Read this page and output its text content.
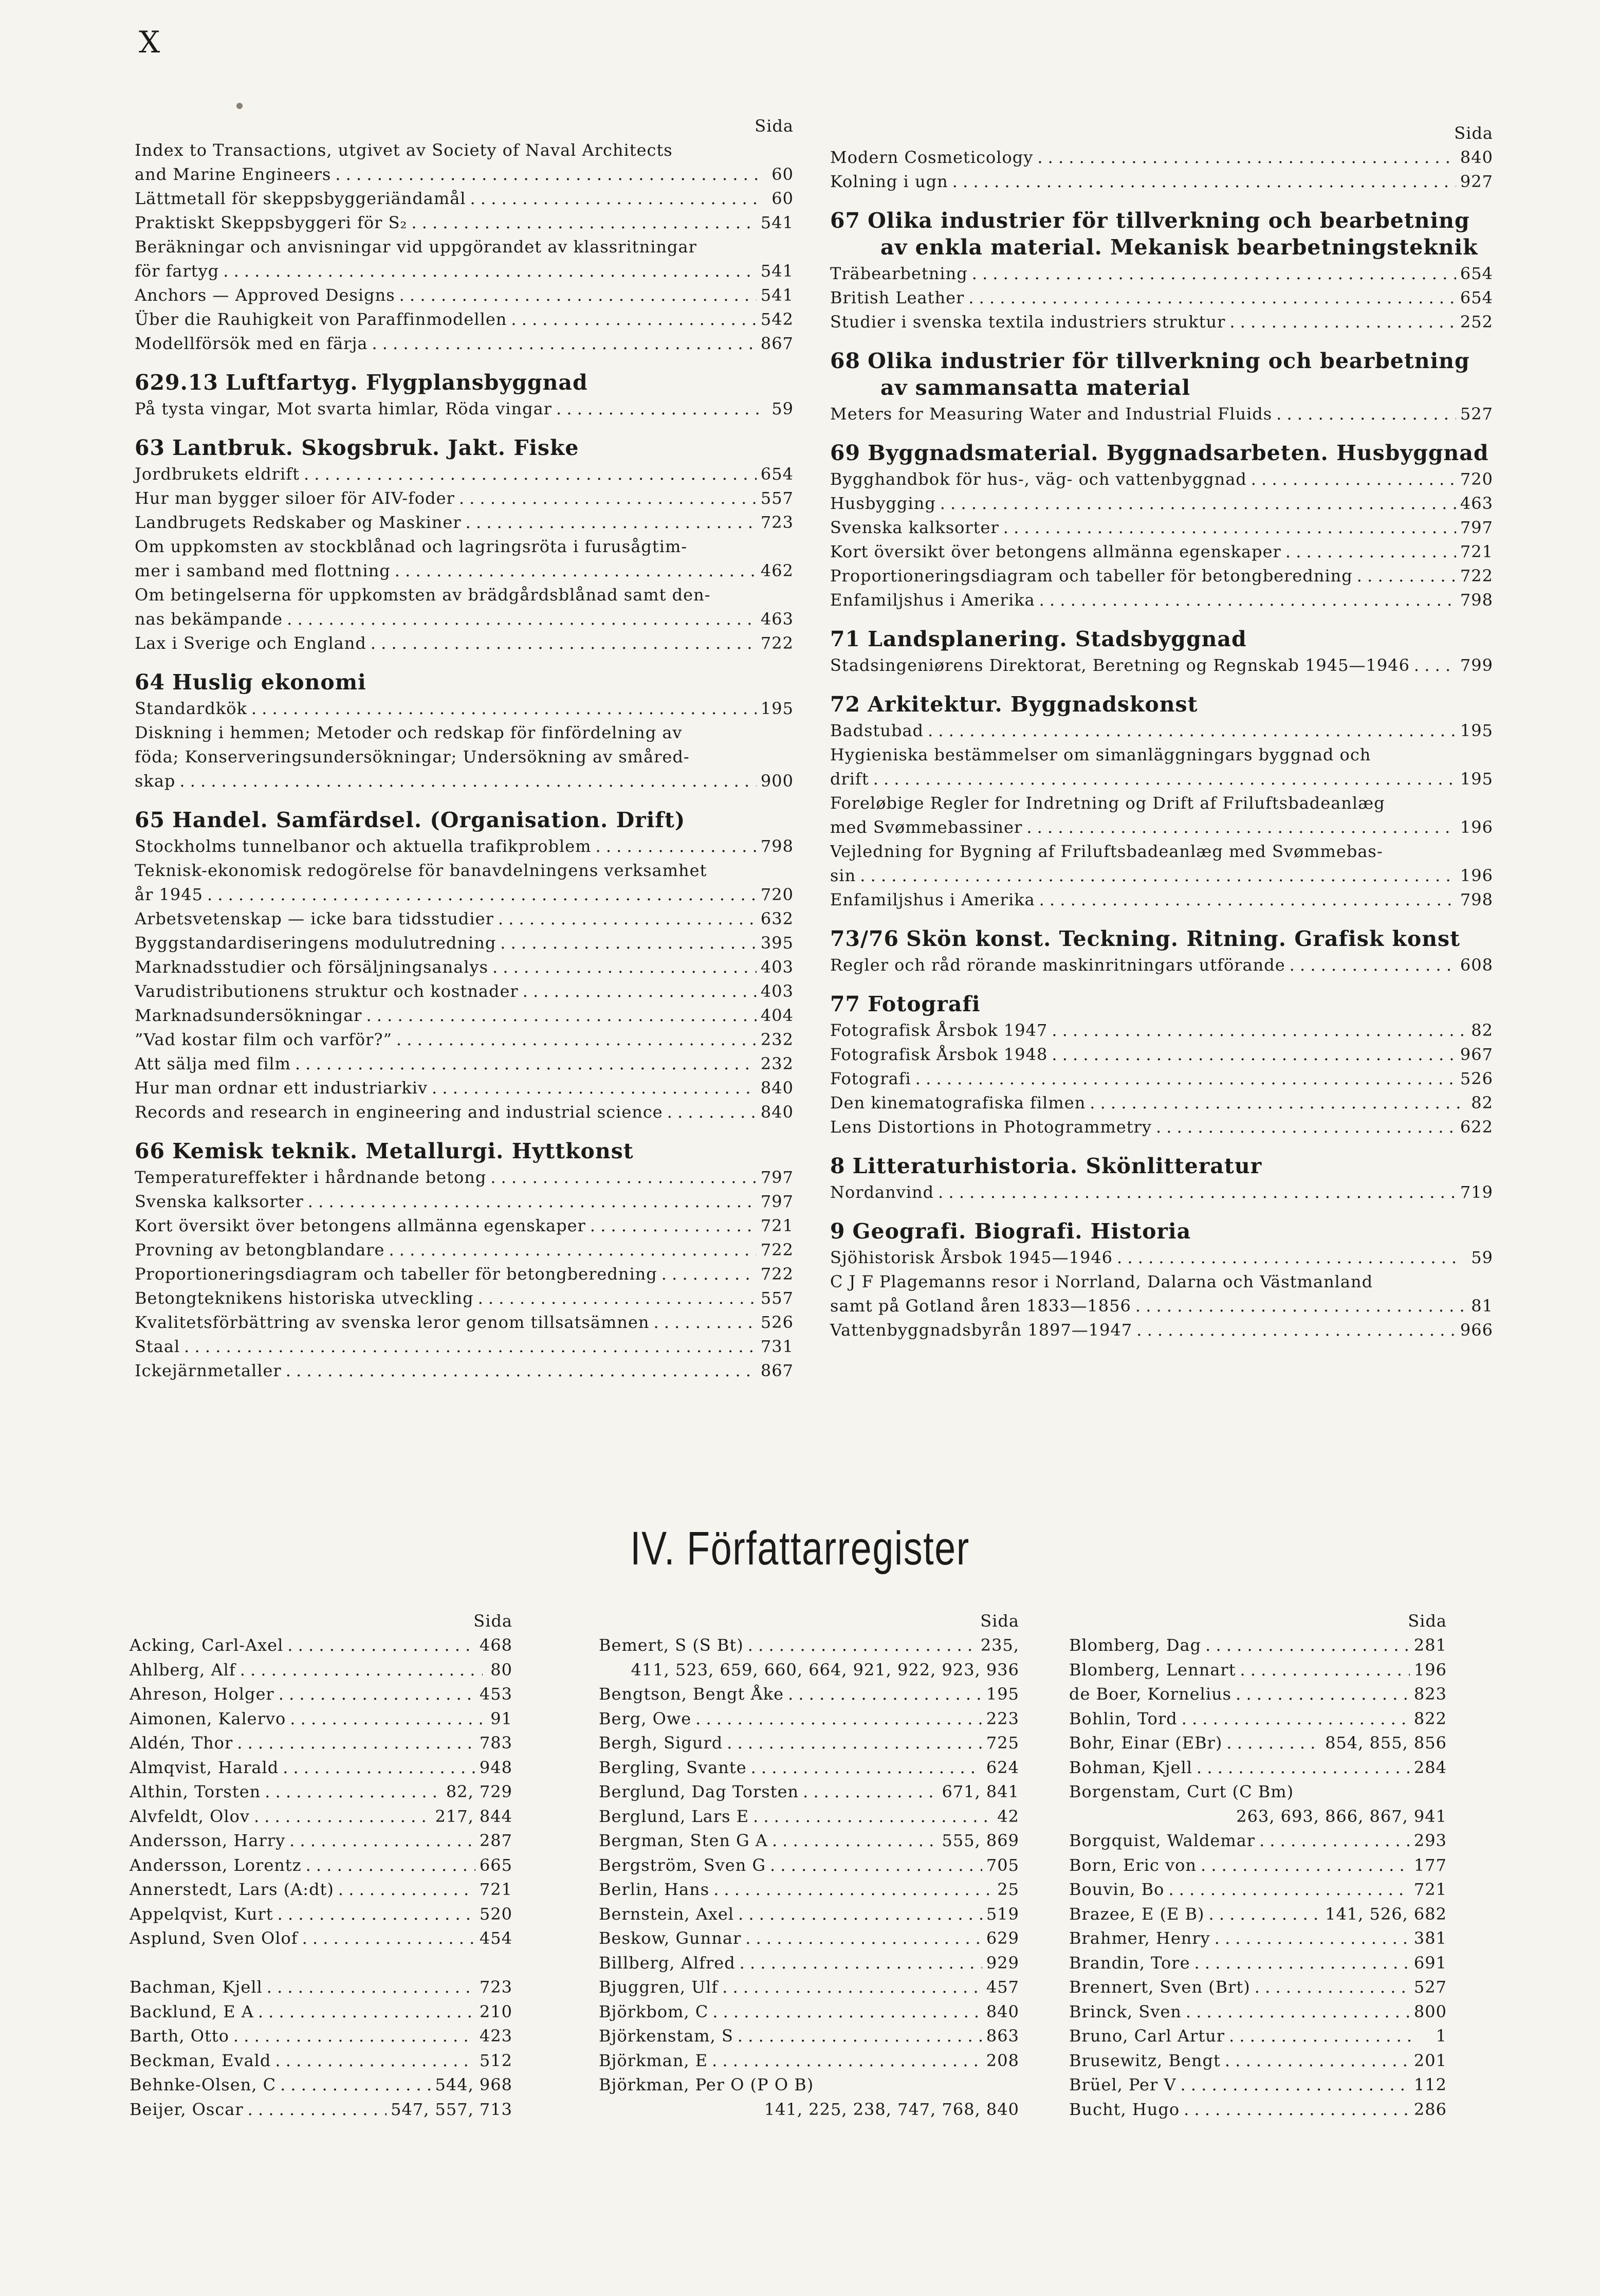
X
Sida
Index to Transactions, utgivet av Society of Naval Architects
and Marine Engineers . . .	60
Lättmetall för skeppsbyggeriändamål . . .	60
Praktiskt Skeppsbyggeri för S₂ . . .	541
Beräkningar och anvisningar vid uppgörandet av klassritningar
för fartyg . . .	541
Anchors — Approved Designs . . .	541
Über die Rauhigkeit von Paraffinmodellen . . .	542
Modellförsök med en färja . . .	867
629.13 Luftfartyg. Flygplansbyggnad
På tysta vingar, Mot svarta himlar, Röda vingar . . .	59
63 Lantbruk. Skogsbruk. Jakt. Fiske
Jordbrukets eldrift . . .	654
Hur man bygger siloer för AIV-foder . . .	557
Landbrugets Redskaber og Maskiner . . .	723
Om uppkomsten av stockblånad och lagringsröta i furusågtim-
mer i samband med flottning . . .	462
Om betingelserna för uppkomsten av brädgårdsblånad samt den-
nas bekämpande . . .	463
Lax i Sverige och England . . .	722
64 Huslig ekonomi
Standardkök . . .	195
Diskning i hemmen; Metoder och redskap för finfördelning av
föda; Konserveringsundersökningar; Undersökning av småred-
skap . . .	900
65 Handel. Samfärdsel. (Organisation. Drift)
Stockholms tunnelbanor och aktuella trafikproblem . . .	798
Teknisk-ekonomisk redogörelse för banavdelningens verksamhet
år 1945 . . .	720
Arbetsvetenskap — icke bara tidsstudier . . .	632
Byggstandardiseringens modulutredning . . .	395
Marknadsstudier och försäljningsanalys . . .	403
Varudistributionens struktur och kostnader . . .	403
Marknadsundersökningar . . .	404
”Vad kostar film och varför?” . . .	232
Att sälja med film . . .	232
Hur man ordnar ett industriarkiv . . .	840
Records and research in engineering and industrial science . . .	840
66 Kemisk teknik. Metallurgi. Hyttkonst
Temperatureffekter i hårdnande betong . . .	797
Svenska kalksorter . . .	797
Kort översikt över betongens allmänna egenskaper . . .	721
Provning av betongblandare . . .	722
Proportioneringsdiagram och tabeller för betongberedning . . .	722
Betongteknikens historiska utveckling . . .	557
Kvalitetsförbättring av svenska leror genom tillsatsämnen . . .	526
Staal . . .	731
Ickejärnmetaller . . .	867
Sida
Modern Cosmeticology . . .	840
Kolning i ugn . . .	927
67 Olika industrier för tillverkning och bearbetning
av enkla material. Mekanisk bearbetningsteknik
Träbearbetning . . .	654
British Leather . . .	654
Studier i svenska textila industriers struktur . . .	252
68 Olika industrier för tillverkning och bearbetning
av sammansatta material
Meters for Measuring Water and Industrial Fluids . . .	527
69 Byggnadsmaterial. Byggnadsarbeten. Husbyggnad
Bygghandbok för hus-, väg- och vattenbyggnad . . .	720
Husbygging . . .	463
Svenska kalksorter . . .	797
Kort översikt över betongens allmänna egenskaper . . .	721
Proportioneringsdiagram och tabeller för betongberedning . . .	722
Enfamiljshus i Amerika . . .	798
71 Landsplanering. Stadsbyggnad
Stadsingeniørens Direktorat, Beretning og Regnskab 1945—1946 . . .	799
72 Arkitektur. Byggnadskonst
Badstubad . . .	195
Hygieniska bestämmelser om simanläggningars byggnad och
drift . . .	195
Foreløbige Regler for Indretning og Drift af Friluftsbadeanlæg
med Svømmebassiner . . .	196
Vejledning for Bygning af Friluftsbadeanlæg med Svømmebas-
sin . . .	196
Enfamiljshus i Amerika . . .	798
73/76 Skön konst. Teckning. Ritning. Grafisk konst
Regler och råd rörande maskinritningars utförande . . .	608
77 Fotografi
Fotografisk Årsbok 1947 . . .	82
Fotografisk Årsbok 1948 . . .	967
Fotografi . . .	526
Den kinematografiska filmen . . .	82
Lens Distortions in Photogrammetry . . .	622
8 Litteraturhistoria. Skönlitteratur
Nordanvind . . .	719
9 Geografi. Biografi. Historia
Sjöhistorisk Årsbok 1945—1946 . . .	59
C J F Plagemanns resor i Norrland, Dalarna och Västmanland
samt på Gotland åren 1833—1856 . . .	81
Vattenbyggnadsbyrån 1897—1947 . . .	966
IV. Författarregister
Sida
Acking, Carl-Axel . . .	468
Ahlberg, Alf . . .	80
Ahreson, Holger . . .	453
Aimonen, Kalervo . . .	91
Aldén, Thor . . .	783
Almqvist, Harald . . .	948
Althin, Torsten . . .	82, 729
Alvfeldt, Olov . . .	217, 844
Andersson, Harry . . .	287
Andersson, Lorentz . . .	665
Annerstedt, Lars (A:dt) . . .	721
Appelqvist, Kurt . . .	520
Asplund, Sven Olof . . .	454
Bachman, Kjell . . .	723
Backlund, E A . . .	210
Barth, Otto . . .	423
Beckman, Evald . . .	512
Behnke-Olsen, C . . .	544, 968
Beijer, Oscar . . .	547, 557, 713
Sida
Bemert, S (S Bt) . . .	235,
411, 523, 659, 660, 664, 921, 922, 923, 936
Bengtson, Bengt Åke . . .	195
Berg, Owe . . .	223
Bergh, Sigurd . . .	725
Bergling, Svante . . .	624
Berglund, Dag Torsten . . .	671, 841
Berglund, Lars E . . .	42
Bergman, Sten G A . . .	555, 869
Bergström, Sven G . . .	705
Berlin, Hans . . .	25
Bernstein, Axel . . .	519
Beskow, Gunnar . . .	629
Billberg, Alfred . . .	929
Bjuggren, Ulf . . .	457
Björkbom, C . . .	840
Björkenstam, S . . .	863
Björkman, E . . .	208
Björkman, Per O (P O B)
141, 225, 238, 747, 768, 840
Sida
Blomberg, Dag . . .	281
Blomberg, Lennart . . .	196
de Boer, Kornelius . . .	823
Bohlin, Tord . . .	822
Bohr, Einar (EBr) . . .	854, 855, 856
Bohman, Kjell . . .	284
Borgenstam, Curt (C Bm)
263, 693, 866, 867, 941
Borgquist, Waldemar . . .	293
Born, Eric von . . .	177
Bouvin, Bo . . .	721
Brazee, E (E B) . . .	141, 526, 682
Brahmer, Henry . . .	381
Brandin, Tore . . .	691
Brennert, Sven (Brt) . . .	527
Brinck, Sven . . .	800
Bruno, Carl Artur . . .	1
Brusewitz, Bengt . . .	201
Brüel, Per V . . .	112
Bucht, Hugo . . .	286
